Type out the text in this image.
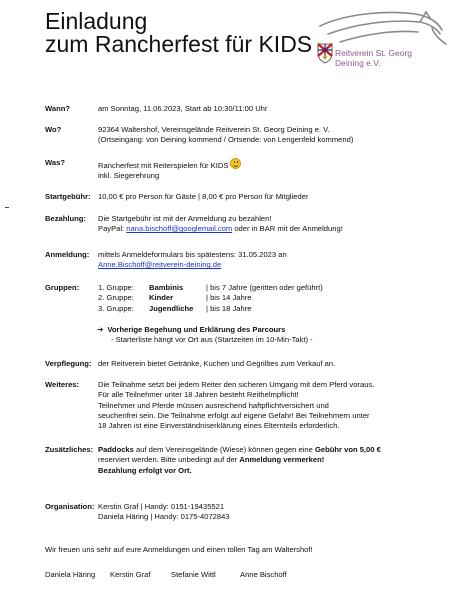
Einladung
zum Rancherfest für KIDS	Reitverein St. Georg
Deining e.V.
Wann?	am Sonntag, 11.06.2023, Start ab 10:30/11:00 Uhr
Wo?	92364 Waltershof, Vereinsgelände Reitverein St. Georg Deining e. V.
(Ortseingang: von Deining kommend / Ortsende: von Lengenfeld kommend)
Was?	Rancherfest mit Reiterspielen für KIDS
inkl. Siegerehrung
Startgebühr: 10,00 € pro Person für Gäste | 8,00 € pro Person für Mitglieder
Bezahlung:	Die Startgebühr ist mit der Anmeldung zu bezahlen!
PayPal: nana.bischoff@googlemail.com oder in BAR mit der Anmeldung!
Anmeldung:	mittels Anmeldeformulars bis spätestens: 31.05.2023 an
Anne.Bischoff@reitverein-deining.de
Gruppen:	1. Gruppe: Bambinis	| bis 7 Jahre (geritten oder geführt)
2. Gruppe: Kinder	| bis 14 Jahre
3. Gruppe: Jugendliche | bis 18 Jahre
➔ Vorherige Begehung und Erklärung des Parcours
- Starterliste hängt vor Ort aus (Startzeiten im 10-Min-Takt) -
Verpflegung: der Reitverein bietet Getränke, Kuchen und Gegrilltes zum Verkauf an.
Weiteres:	Die Teilnahme setzt bei jedem Reiter den sicheren Umgang mit dem Pferd voraus.
Für alle Teilnehmer unter 18 Jahren besteht Reithelmpflicht!
Teilnehmer und Pferde müssen ausreichend haftpflichtversichert und
seuchenfrei sein. Die Teilnahme erfolgt auf eigene Gefahr! Bei Teilnehmern unter
18 Jahren ist eine Einverständniserklärung eines Elternteils erforderlich.
Zusätzliches: Paddocks auf dem Vereinsgelände (Wiese) können gegen eine Gebühr von 5,00 €
reserviert werden. Bitte unbedingt auf der Anmeldung vermerken!
Bezahlung erfolgt vor Ort.
Organisation: Kerstin Graf | Handy: 0151-19435521
Daniela Häring | Handy: 0175-4072843
Wir freuen uns sehr auf eure Anmeldungen und einen tollen Tag am Waltershof!
Daniela Häring Kerstin Graf	Stefanie Wittl	Anne Bischoff
